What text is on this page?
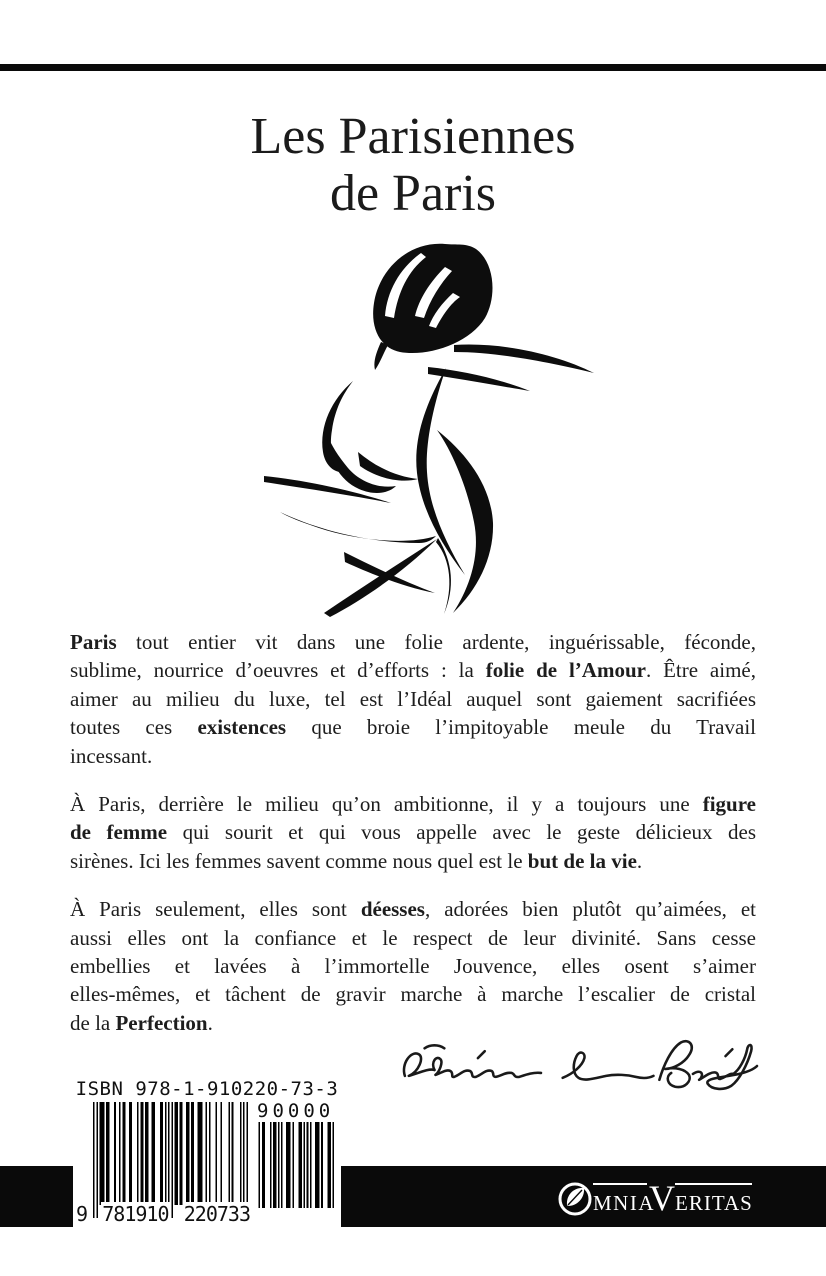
Les Parisiennes
de Paris
Paris tout entier vit dans une folie ardente, inguérissable, féconde,
sublime, nourrice d’oeuvres et d’efforts : la folie de l’Amour. Être aimé,
aimer au milieu du luxe, tel est l’Idéal auquel sont gaiement sacrifiées
toutes ces existences que broie l’impitoyable meule du Travail
incessant.
À Paris, derrière le milieu qu’on ambitionne, il y a toujours une figure
de femme qui sourit et qui vous appelle avec le geste délicieux des
sirènes. Ici les femmes savent comme nous quel est le but de la vie.
À Paris seulement, elles sont déesses, adorées bien plutôt qu’aimées, et
aussi elles ont la confiance et le respect de leur divinité. Sans cesse
embellies et lavées à l’immortelle Jouvence, elles osent s’aimer
elles-mêmes, et tâchent de gravir marche à marche l’escalier de cristal
de la Perfection.
ISBN 978-1-910220-73-3
9 781910 220733
90000
MNIA
V ERITAS
